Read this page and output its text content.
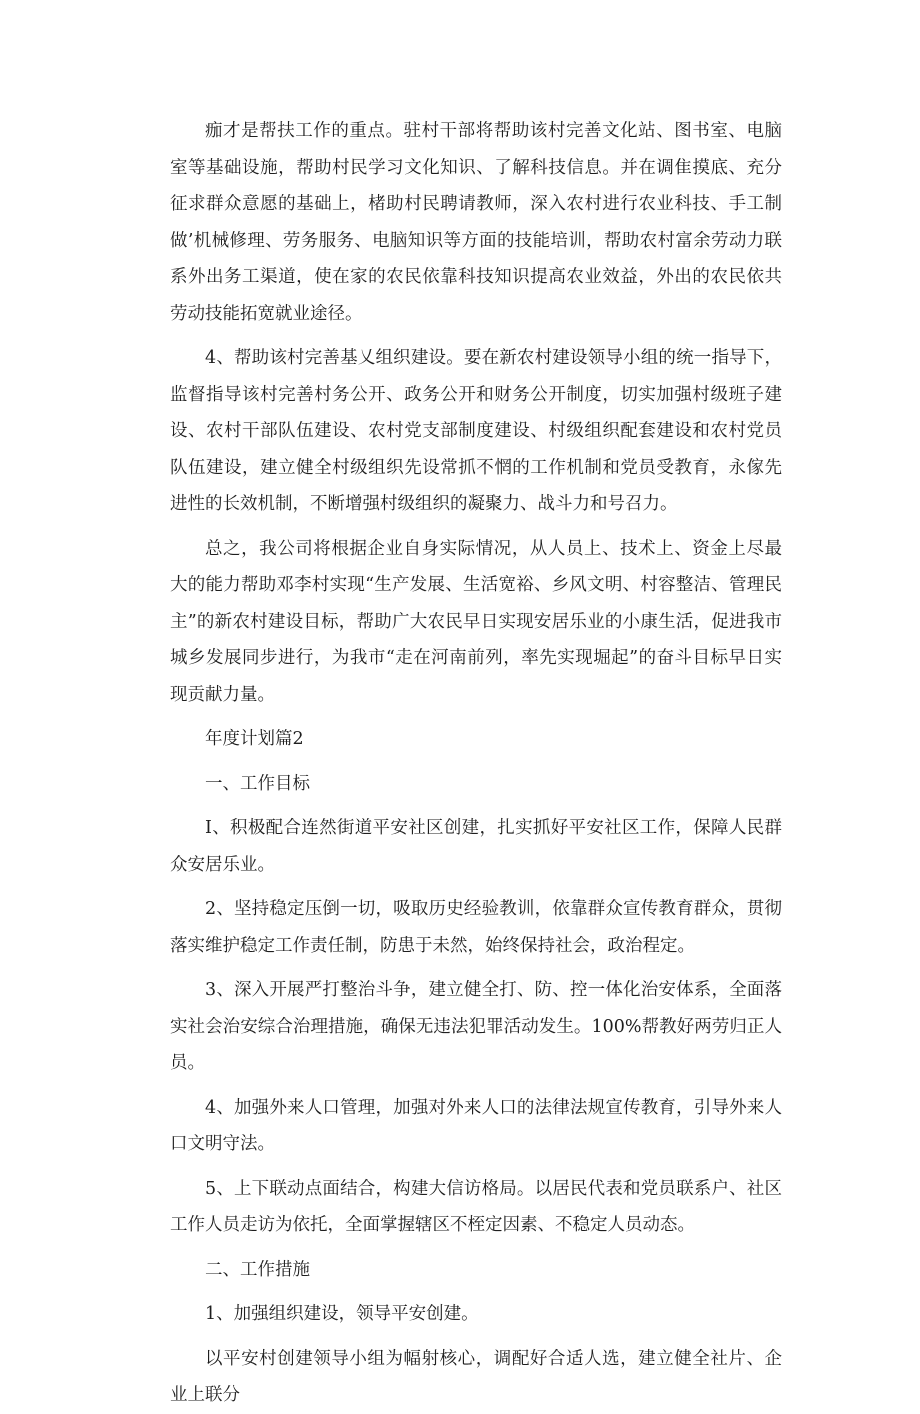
痂才是帮扶工作的重点。驻村干部将帮助该村完善文化站、图书室、电脑室等基础设施，帮助村民学习文化知识、了解科技信息。并在调隹摸底、充分征求群众意愿的基础上，楮助村民聘请教师，深入农村进行农业科技、手工制做’机械修理、劳务服务、电脑知识等方面的技能培训，帮助农村富余劳动力联系外出务工渠道，使在家的农民依靠科技知识提高农业效益，外出的农民依共劳动技能拓宽就业途径。

4、帮助该村完善基乂组织建设。要在新农村建设领导小组的统一指导下，监督指导该村完善村务公开、政务公开和财务公开制度，切实加强村级班子建设、农村干部队伍建设、农村党支部制度建设、村级组织配套建设和农村党员队伍建设，建立健全村级组织先设常抓不惘的工作机制和党员受教育，永傢先进性的长效机制，不断增强村级组织的凝聚力、战斗力和号召力。

总之，我公司将根据企业自身实际情况，从人员上、技术上、资金上尽最大的能力帮助邓李村实现“生产发展、生活宽裕、乡风文明、村容整洁、管理民主”的新农村建设目标，帮助广大农民早日实现安居乐业的小康生活，促进我市城乡发展同步进行，为我市“走在河南前列，率先实现堀起”的奋斗目标早日实现贡献力量。

年度计划篇2

一、工作目标

I、积极配合连然街道平安社区创建，扎实抓好平安社区工作，保障人民群众安居乐业。

2、坚持稳定压倒一切，吸取历史经验教训，依靠群众宣传教育群众，贯彻落实维护稳定工作责任制，防患于未然，始终保持社会，政治程定。

3、深入开展严打整治斗争，建立健全打、防、控一体化治安体系，全面落实社会治安综合治理措施，确保无违法犯罪活动发生。100%帮教好两劳归正人员。

4、加强外来人口管理，加强对外来人口的法律法规宣传教育，引导外来人口文明守法。

5、上下联动点面结合，构建大信访格局。以居民代表和党员联系户、社区工作人员走访为依托，全面掌握辖区不桎定因素、不稳定人员动态。

二、工作措施

1、加强组织建设，领导平安创建。

以平安村创建领导小组为幅射核心，调配好合适人选，建立健全社片、企业上联分
